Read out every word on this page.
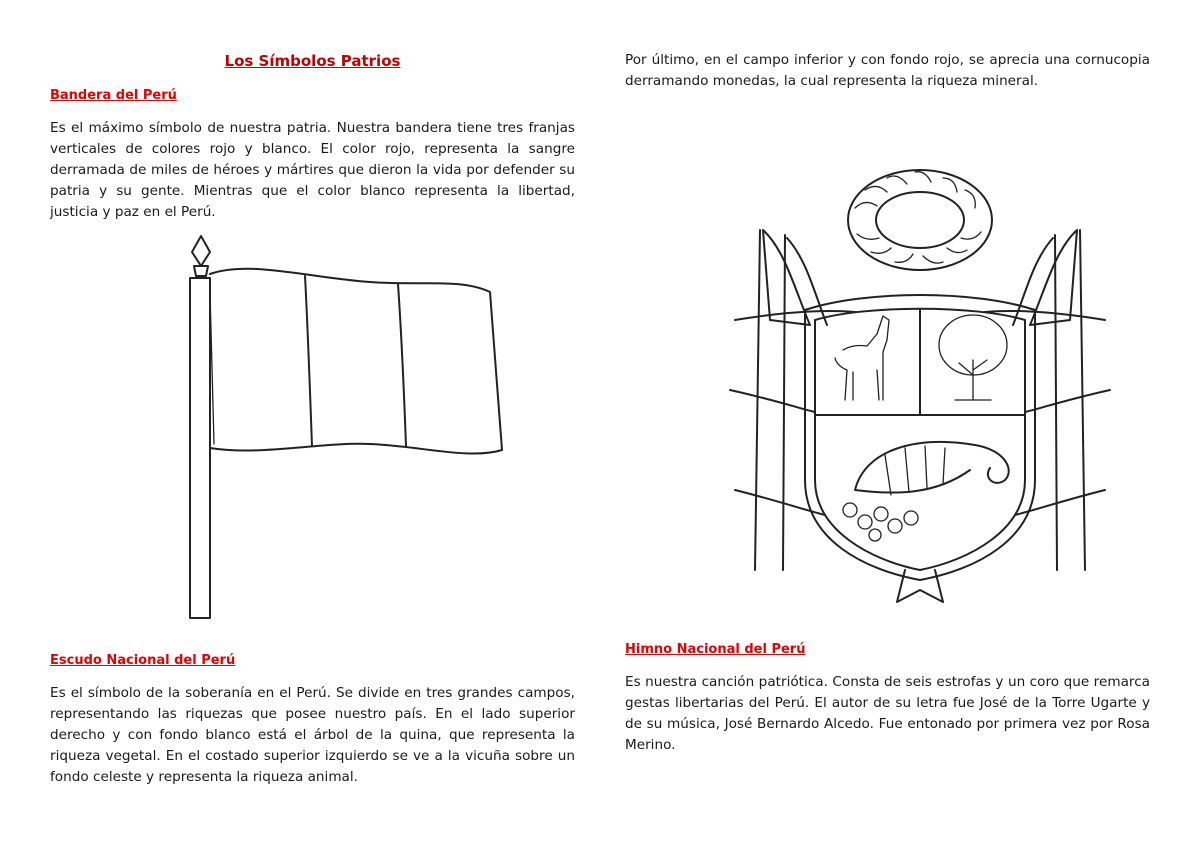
Los Símbolos Patrios
Bandera del Perú

Es el máximo símbolo de nuestra patria. Nuestra bandera tiene tres franjas verticales de colores rojo y blanco. El color rojo, representa la sangre derramada de miles de héroes y mártires que dieron la vida por defender su patria y su gente. Mientras que el color blanco representa la libertad, justicia y paz en el Perú.

Escudo Nacional del Perú

Es el símbolo de la soberanía en el Perú. Se divide en tres grandes campos, representando las riquezas que posee nuestro país. En el lado superior derecho y con fondo blanco está el árbol de la quina, que representa la riqueza vegetal. En el costado superior izquierdo se ve a la vicuña sobre un fondo celeste y representa la riqueza animal.

Por último, en el campo inferior y con fondo rojo, se aprecia una cornucopia derramando monedas, la cual representa la riqueza mineral.

Himno Nacional del Perú

Es nuestra canción patriótica. Consta de seis estrofas y un coro que remarca gestas libertarias del Perú. El autor de su letra fue José de la Torre Ugarte y de su música, José Bernardo Alcedo. Fue entonado por primera vez por Rosa Merino.
